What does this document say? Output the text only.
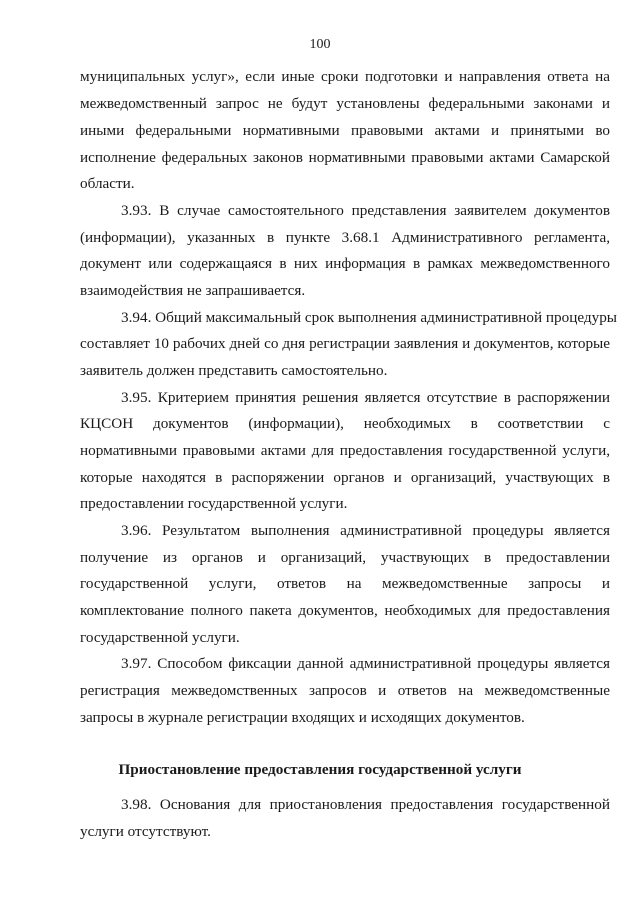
100
муниципальных услуг», если иные сроки подготовки и направления ответа на
межведомственный запрос не будут установлены федеральными законами и
иными федеральными нормативными правовыми актами и принятыми во
исполнение федеральных законов нормативными правовыми актами Самарской
области.
3.93. В случае самостоятельного представления заявителем документов
(информации), указанных в пункте 3.68.1 Административного регламента,
документ или содержащаяся в них информация в рамках межведомственного
взаимодействия не запрашивается.
3.94. Общий максимальный срок выполнения административной процедуры
составляет 10 рабочих дней со дня регистрации заявления и документов, которые
заявитель должен представить самостоятельно.
3.95. Критерием принятия решения является отсутствие в распоряжении
КЦСОН документов (информации), необходимых в соответствии с
нормативными правовыми актами для предоставления государственной услуги,
которые находятся в распоряжении органов и организаций, участвующих в
предоставлении государственной услуги.
3.96. Результатом выполнения административной процедуры является
получение из органов и организаций, участвующих в предоставлении
государственной услуги, ответов на межведомственные запросы и
комплектование полного пакета документов, необходимых для предоставления
государственной услуги.
3.97. Способом фиксации данной административной процедуры является
регистрация межведомственных запросов и ответов на межведомственные
запросы в журнале регистрации входящих и исходящих документов.
Приостановление предоставления государственной услуги
3.98. Основания для приостановления предоставления государственной
услуги отсутствуют.
